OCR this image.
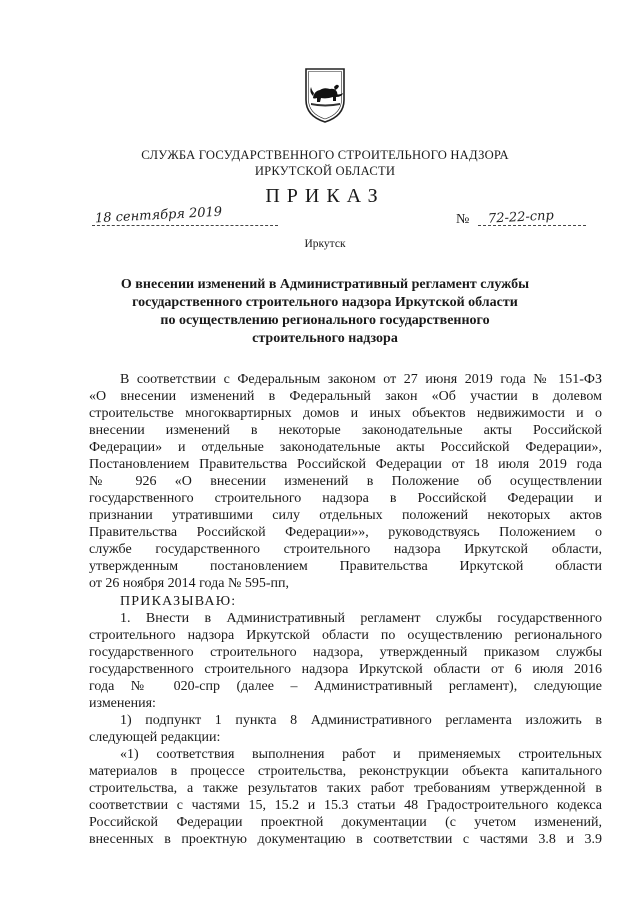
СЛУЖБА ГОСУДАРСТВЕННОГО СТРОИТЕЛЬНОГО НАДЗОРА
ИРКУТСКОЙ ОБЛАСТИ
ПРИКАЗ
18 сентября 2019	№ 72-22-спр
Иркутск
О внесении изменений в Административный регламент службы
государственного строительного надзора Иркутской области
по осуществлению регионального государственного
строительного надзора
В соответствии с Федеральным законом от 27 июня 2019 года № 151-ФЗ
«О внесении изменений в Федеральный закон «Об участии в долевом
строительстве многоквартирных домов и иных объектов недвижимости и о
внесении изменений в некоторые законодательные акты Российской
Федерации» и отдельные законодательные акты Российской Федерации»,
Постановлением Правительства Российской Федерации от 18 июля 2019 года
№ 926 «О внесении изменений в Положение об осуществлении
государственного строительного надзора в Российской Федерации и
признании утратившими силу отдельных положений некоторых актов
Правительства Российской Федерации»», руководствуясь Положением о
службе государственного строительного надзора Иркутской области,
утвержденным постановлением Правительства Иркутской области
от 26 ноября 2014 года № 595-пп,
ПРИКАЗЫВАЮ:
1. Внести в Административный регламент службы государственного
строительного надзора Иркутской области по осуществлению регионального
государственного строительного надзора, утвержденный приказом службы
государственного строительного надзора Иркутской области от 6 июля 2016
года № 020-спр (далее – Административный регламент), следующие
изменения:
1) подпункт 1 пункта 8 Административного регламента изложить в
следующей редакции:
«1) соответствия выполнения работ и применяемых строительных
материалов в процессе строительства, реконструкции объекта капитального
строительства, а также результатов таких работ требованиям утвержденной в
соответствии с частями 15, 15.2 и 15.3 статьи 48 Градостроительного кодекса
Российской Федерации проектной документации (с учетом изменений,
внесенных в проектную документацию в соответствии с частями 3.8 и 3.9
